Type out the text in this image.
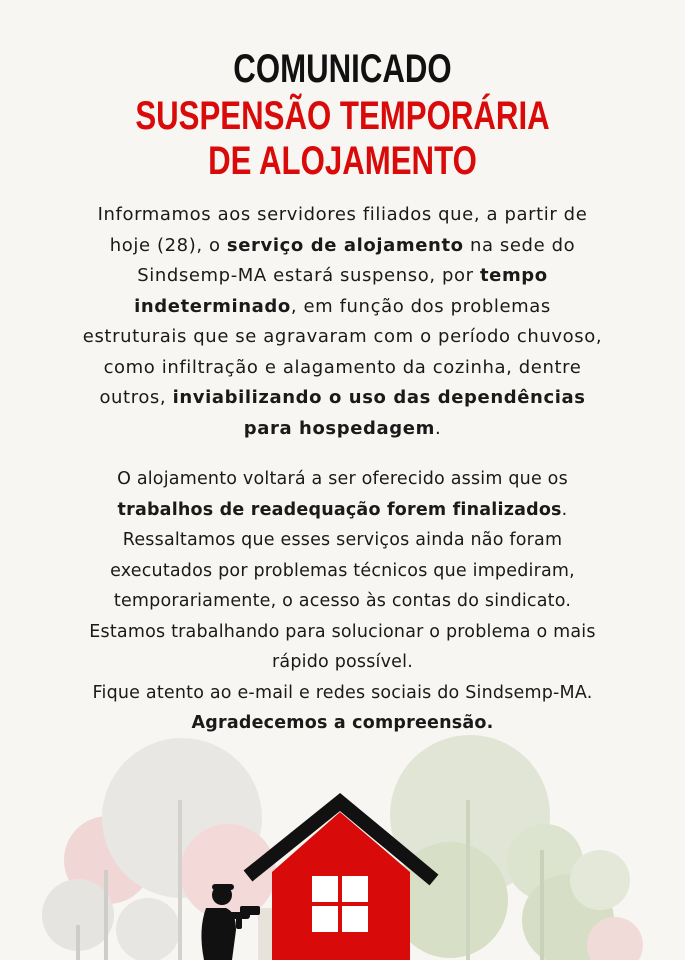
COMUNICADO
SUSPENSÃO TEMPORÁRIA
DE ALOJAMENTO

Informamos aos servidores filiados que, a partir de hoje (28), o serviço de alojamento na sede do Sindsemp-MA estará suspenso, por tempo indeterminado, em função dos problemas estruturais que se agravaram com o período chuvoso, como infiltração e alagamento da cozinha, dentre outros, inviabilizando o uso das dependências para hospedagem.

O alojamento voltará a ser oferecido assim que os trabalhos de readequação forem finalizados. Ressaltamos que esses serviços ainda não foram executados por problemas técnicos que impediram, temporariamente, o acesso às contas do sindicato.

Estamos trabalhando para solucionar o problema o mais rápido possível.

Fique atento ao e-mail e redes sociais do Sindsemp-MA.

Agradecemos a compreensão.
